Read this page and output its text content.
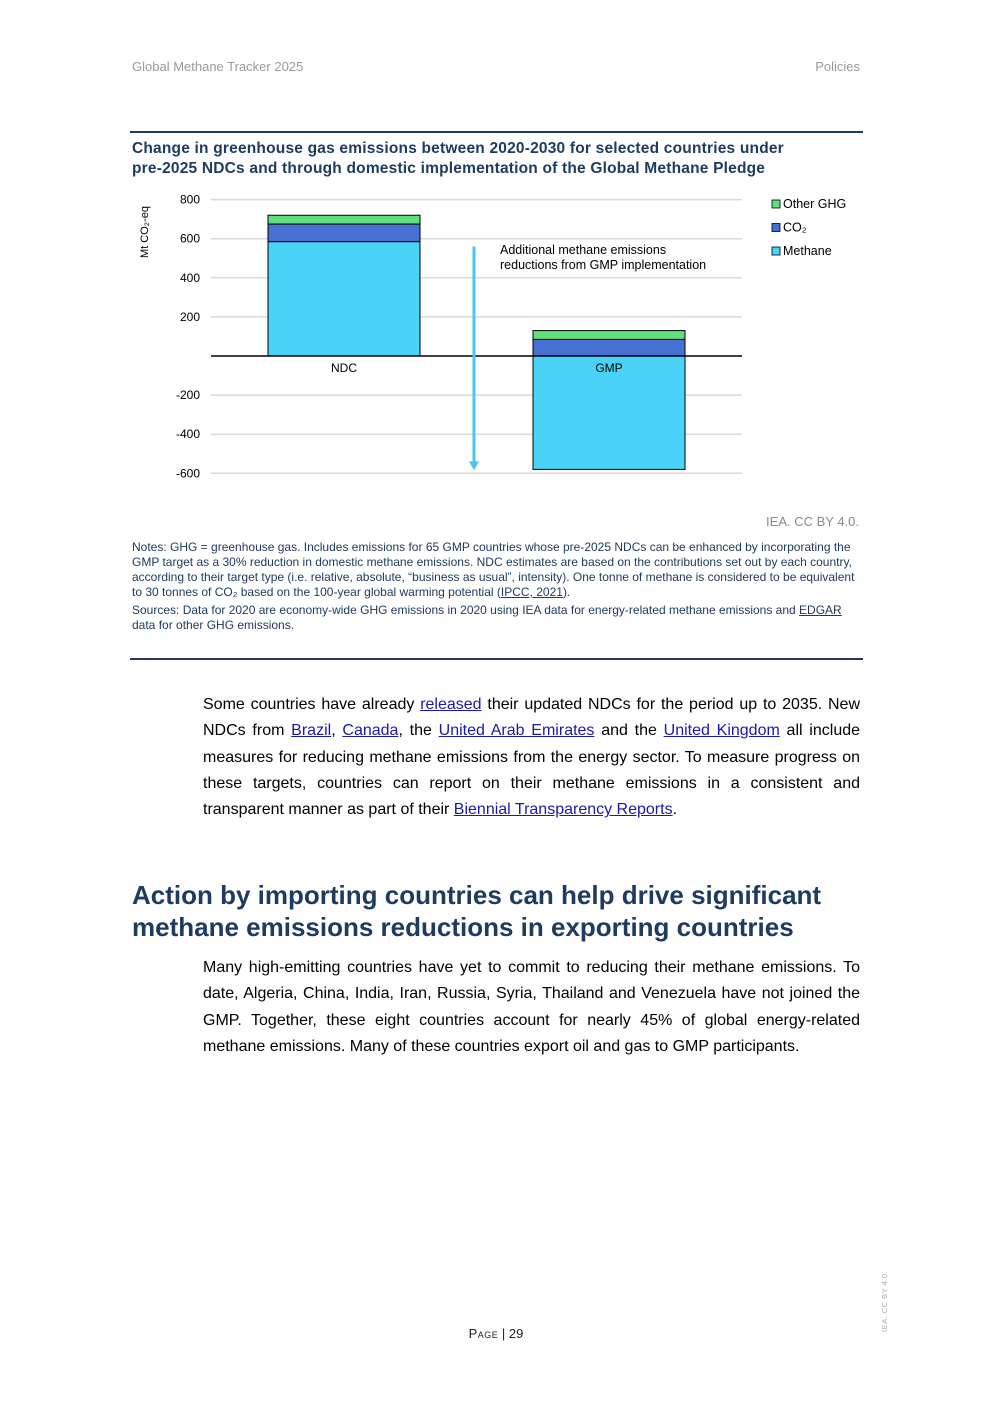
Global Methane Tracker 2025	Policies
Change in greenhouse gas emissions between 2020-2030 for selected countries under
pre-2025 NDCs and through domestic implementation of the Global Methane Pledge
-600
-400
-200
200
400
600
800
Mt CO₂-eq
NDC	GMP
Additional methane emissions
reductions from GMP implementation
Other GHG
CO₂
Methane
IEA. CC BY 4.0.

Notes: GHG = greenhouse gas. Includes emissions for 65 GMP countries whose pre-2025 NDCs can be enhanced by incorporating the GMP target as a 30% reduction in domestic methane emissions. NDC estimates are based on the contributions set out by each country, according to their target type (i.e. relative, absolute, “business as usual”, intensity). One tonne of methane is considered to be equivalent to 30 tonnes of CO₂ based on the 100-year global warming potential (IPCC, 2021).

Sources: Data for 2020 are economy-wide GHG emissions in 2020 using IEA data for energy-related methane emissions and EDGAR data for other GHG emissions.

Some countries have already released their updated NDCs for the period up to 2035. New NDCs from Brazil, Canada, the United Arab Emirates and the United Kingdom all include measures for reducing methane emissions from the energy sector. To measure progress on these targets, countries can report on their methane emissions in a consistent and transparent manner as part of their Biennial Transparency Reports.

Action by importing countries can help drive significant
methane emissions reductions in exporting countries

Many high-emitting countries have yet to commit to reducing their methane emissions. To date, Algeria, China, India, Iran, Russia, Syria, Thailand and Venezuela have not joined the GMP. Together, these eight countries account for nearly 45% of global energy-related methane emissions. Many of these countries export oil and gas to GMP participants.

Page | 29
IEA. CC BY 4.0.
